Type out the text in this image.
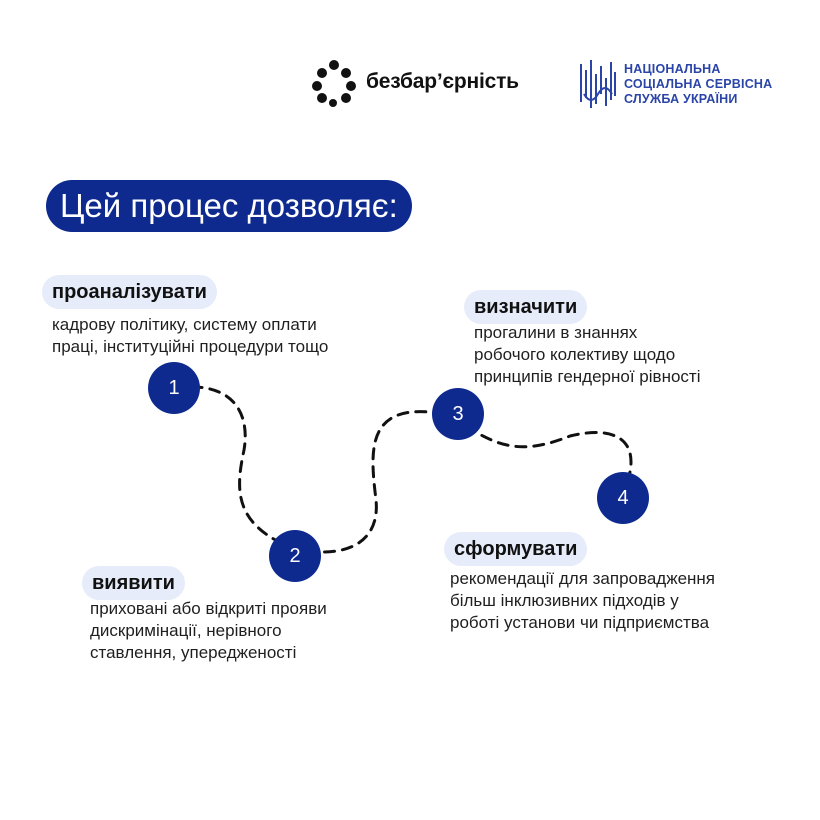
безбар’єрність
НАЦІОНАЛЬНА
СОЦІАЛЬНА СЕРВІСНА
СЛУЖБА УКРАЇНИ
Цей процес дозволяє:
1
2
3
4
проаналізувати
кадрову політику, систему оплати
праці, інституційні процедури тощо
виявити
приховані або відкриті прояви
дискримінації, нерівного
ставлення, упередженості
визначити
прогалини в знаннях
робочого колективу щодо
принципів гендерної рівності
сформувати
рекомендації для запровадження
більш інклюзивних підходів у
роботі установи чи підприємства
